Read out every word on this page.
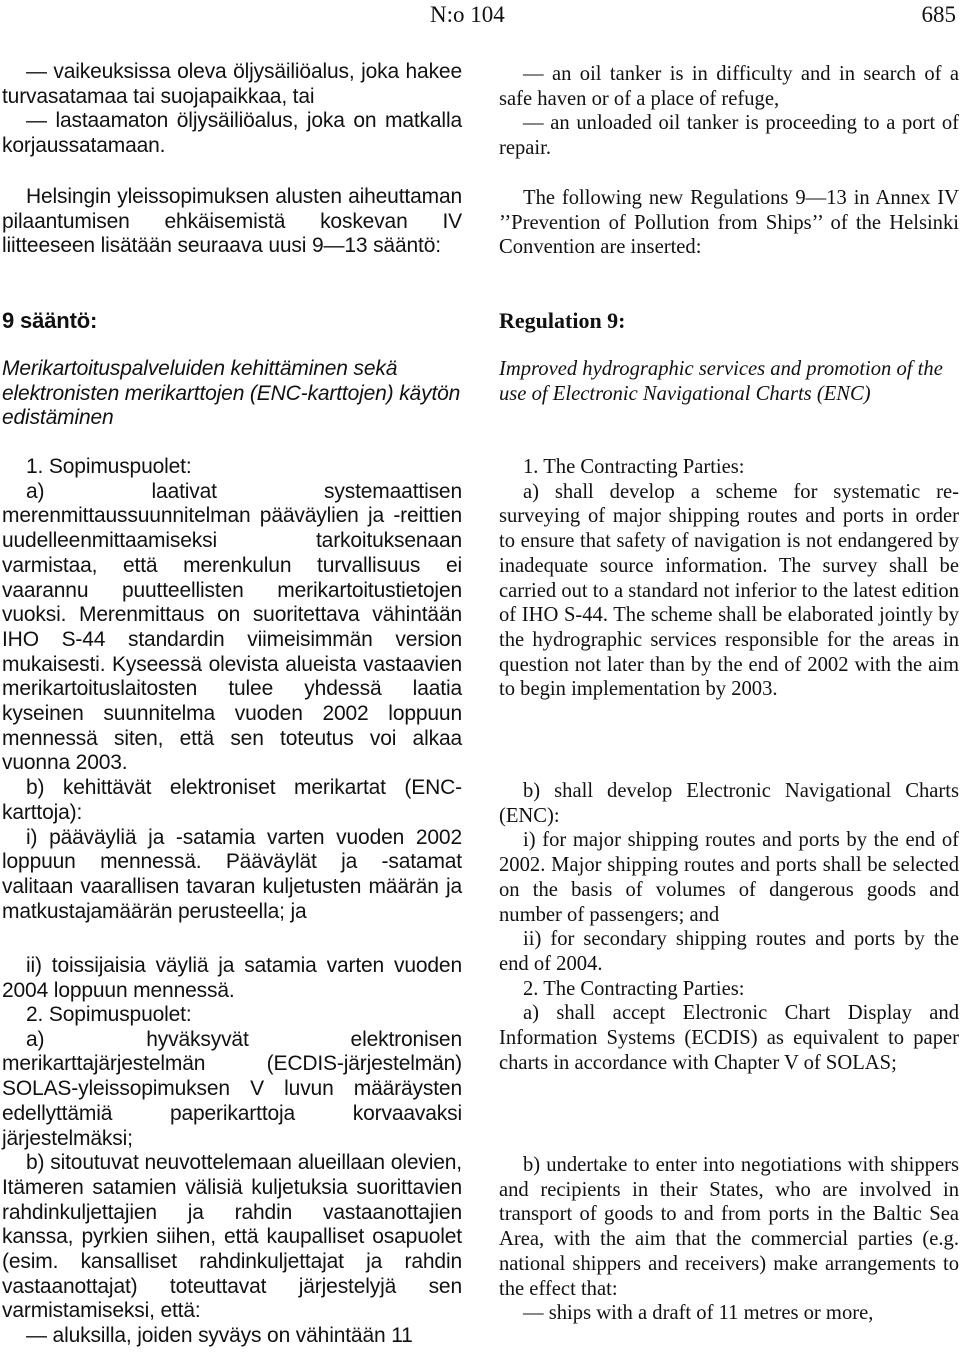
N:o 104	685

— vaikeuksissa oleva öljysäiliöalus, joka hakee turvasatamaa tai suojapaikkaa, tai

— lastaamaton öljysäiliöalus, joka on matkalla korjaussatamaan.

Helsingin yleissopimuksen alusten aiheuttaman pilaantumisen ehkäisemistä koskevan IV liitteeseen lisätään seuraava uusi 9—13 sääntö:

9 sääntö:
Merikartoituspalveluiden kehittäminen sekä elektronisten merikarttojen (ENC-karttojen) käytön edistäminen

1. Sopimuspuolet:

a) laativat systemaattisen merenmittaussuunnitelman pääväylien ja -reittien uudelleenmittaamiseksi tarkoituksenaan varmistaa, että merenkulun turvallisuus ei vaarannu puutteellisten merikartoitustietojen vuoksi. Merenmittaus on suoritettava vähintään IHO S-44 standardin viimeisimmän version mukaisesti. Kyseessä olevista alueista vastaavien merikartoituslaitosten tulee yhdessä laatia kyseinen suunnitelma vuoden 2002 loppuun mennessä siten, että sen toteutus voi alkaa vuonna 2003.

b) kehittävät elektroniset merikartat (ENC-karttoja):

i) pääväyliä ja -satamia varten vuoden 2002 loppuun mennessä. Pääväylät ja -satamat valitaan vaarallisen tavaran kuljetusten määrän ja matkustajamäärän perusteella; ja

ii) toissijaisia väyliä ja satamia varten vuoden 2004 loppuun mennessä.

2. Sopimuspuolet:

a) hyväksyvät elektronisen merikarttajärjestelmän (ECDIS-järjestelmän) SOLAS-yleissopimuksen V luvun määräysten edellyttämiä paperikarttoja korvaavaksi järjestelmäksi;

b) sitoutuvat neuvottelemaan alueillaan olevien, Itämeren satamien välisiä kuljetuksia suorittavien rahdinkuljettajien ja rahdin vastaanottajien kanssa, pyrkien siihen, että kaupalliset osapuolet (esim. kansalliset rahdinkuljettajat ja rahdin vastaanottajat) toteuttavat järjestelyjä sen varmistamiseksi, että:

— aluksilla, joiden syväys on vähintään 11

— an oil tanker is in difficulty and in search of a safe haven or of a place of refuge,

— an unloaded oil tanker is proceeding to a port of repair.

The following new Regulations 9—13 in Annex IV ’’Prevention of Pollution from Ships’’ of the Helsinki Convention are inserted:

Regulation 9:
Improved hydrographic services and promotion of the use of Electronic Navigational Charts (ENC)

1. The Contracting Parties:

a) shall develop a scheme for systematic re-surveying of major shipping routes and ports in order to ensure that safety of navigation is not endangered by inadequate source information. The survey shall be carried out to a standard not inferior to the latest edition of IHO S-44. The scheme shall be elaborated jointly by the hydrographic services responsible for the areas in question not later than by the end of 2002 with the aim to begin implementation by 2003.

b) shall develop Electronic Navigational Charts (ENC):

i) for major shipping routes and ports by the end of 2002. Major shipping routes and ports shall be selected on the basis of volumes of dangerous goods and number of passengers; and

ii) for secondary shipping routes and ports by the end of 2004.

2. The Contracting Parties:

a) shall accept Electronic Chart Display and Information Systems (ECDIS) as equivalent to paper charts in accordance with Chapter V of SOLAS;

b) undertake to enter into negotiations with shippers and recipients in their States, who are involved in transport of goods to and from ports in the Baltic Sea Area, with the aim that the commercial parties (e.g. national shippers and receivers) make arrangements to the effect that:

— ships with a draft of 11 metres or more,
